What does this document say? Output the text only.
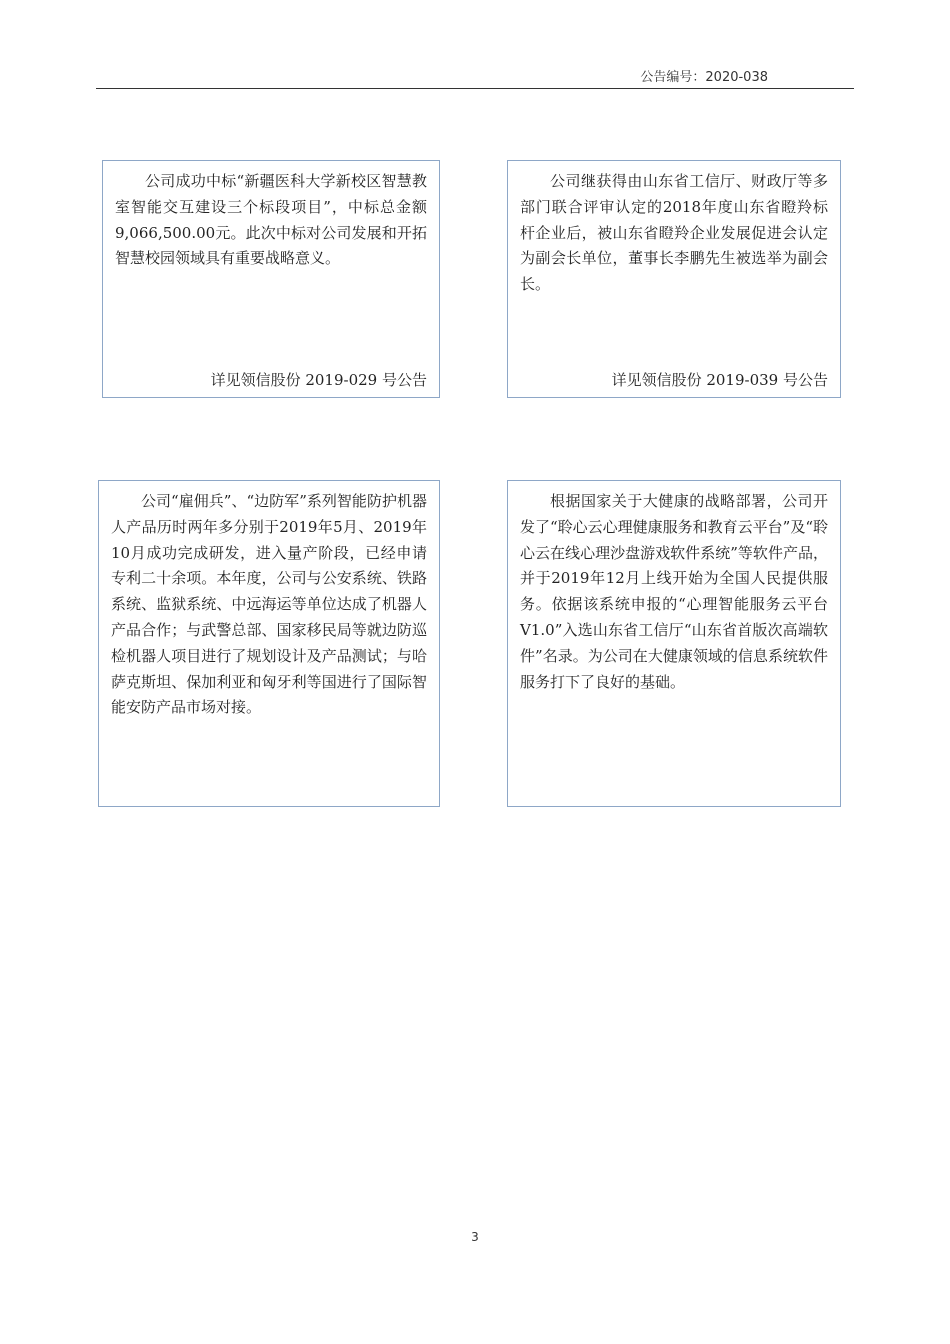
公告编号：2020-038

公司成功中标“新疆医科大学新校区智慧教室智能交互建设三个标段项目”，中标总金额9,066,500.00元。此次中标对公司发展和开拓智慧校园领域具有重要战略意义。

详见领信股份 2019-029 号公告

公司继获得由山东省工信厅、财政厅等多部门联合评审认定的2018年度山东省瞪羚标杆企业后，被山东省瞪羚企业发展促进会认定为副会长单位，董事长李鹏先生被选举为副会长。

详见领信股份 2019-039 号公告

公司“雇佣兵”、“边防军”系列智能防护机器人产品历时两年多分别于2019年5月、2019年10月成功完成研发，进入量产阶段，已经申请专利二十余项。本年度，公司与公安系统、铁路系统、监狱系统、中远海运等单位达成了机器人产品合作；与武警总部、国家移民局等就边防巡检机器人项目进行了规划设计及产品测试；与哈萨克斯坦、保加利亚和匈牙利等国进行了国际智能安防产品市场对接。

根据国家关于大健康的战略部署，公司开发了“聆心云心理健康服务和教育云平台”及“聆心云在线心理沙盘游戏软件系统”等软件产品，并于2019年12月上线开始为全国人民提供服务。依据该系统申报的“心理智能服务云平台V1.0”入选山东省工信厅“山东省首版次高端软件”名录。为公司在大健康领域的信息系统软件服务打下了良好的基础。

3
